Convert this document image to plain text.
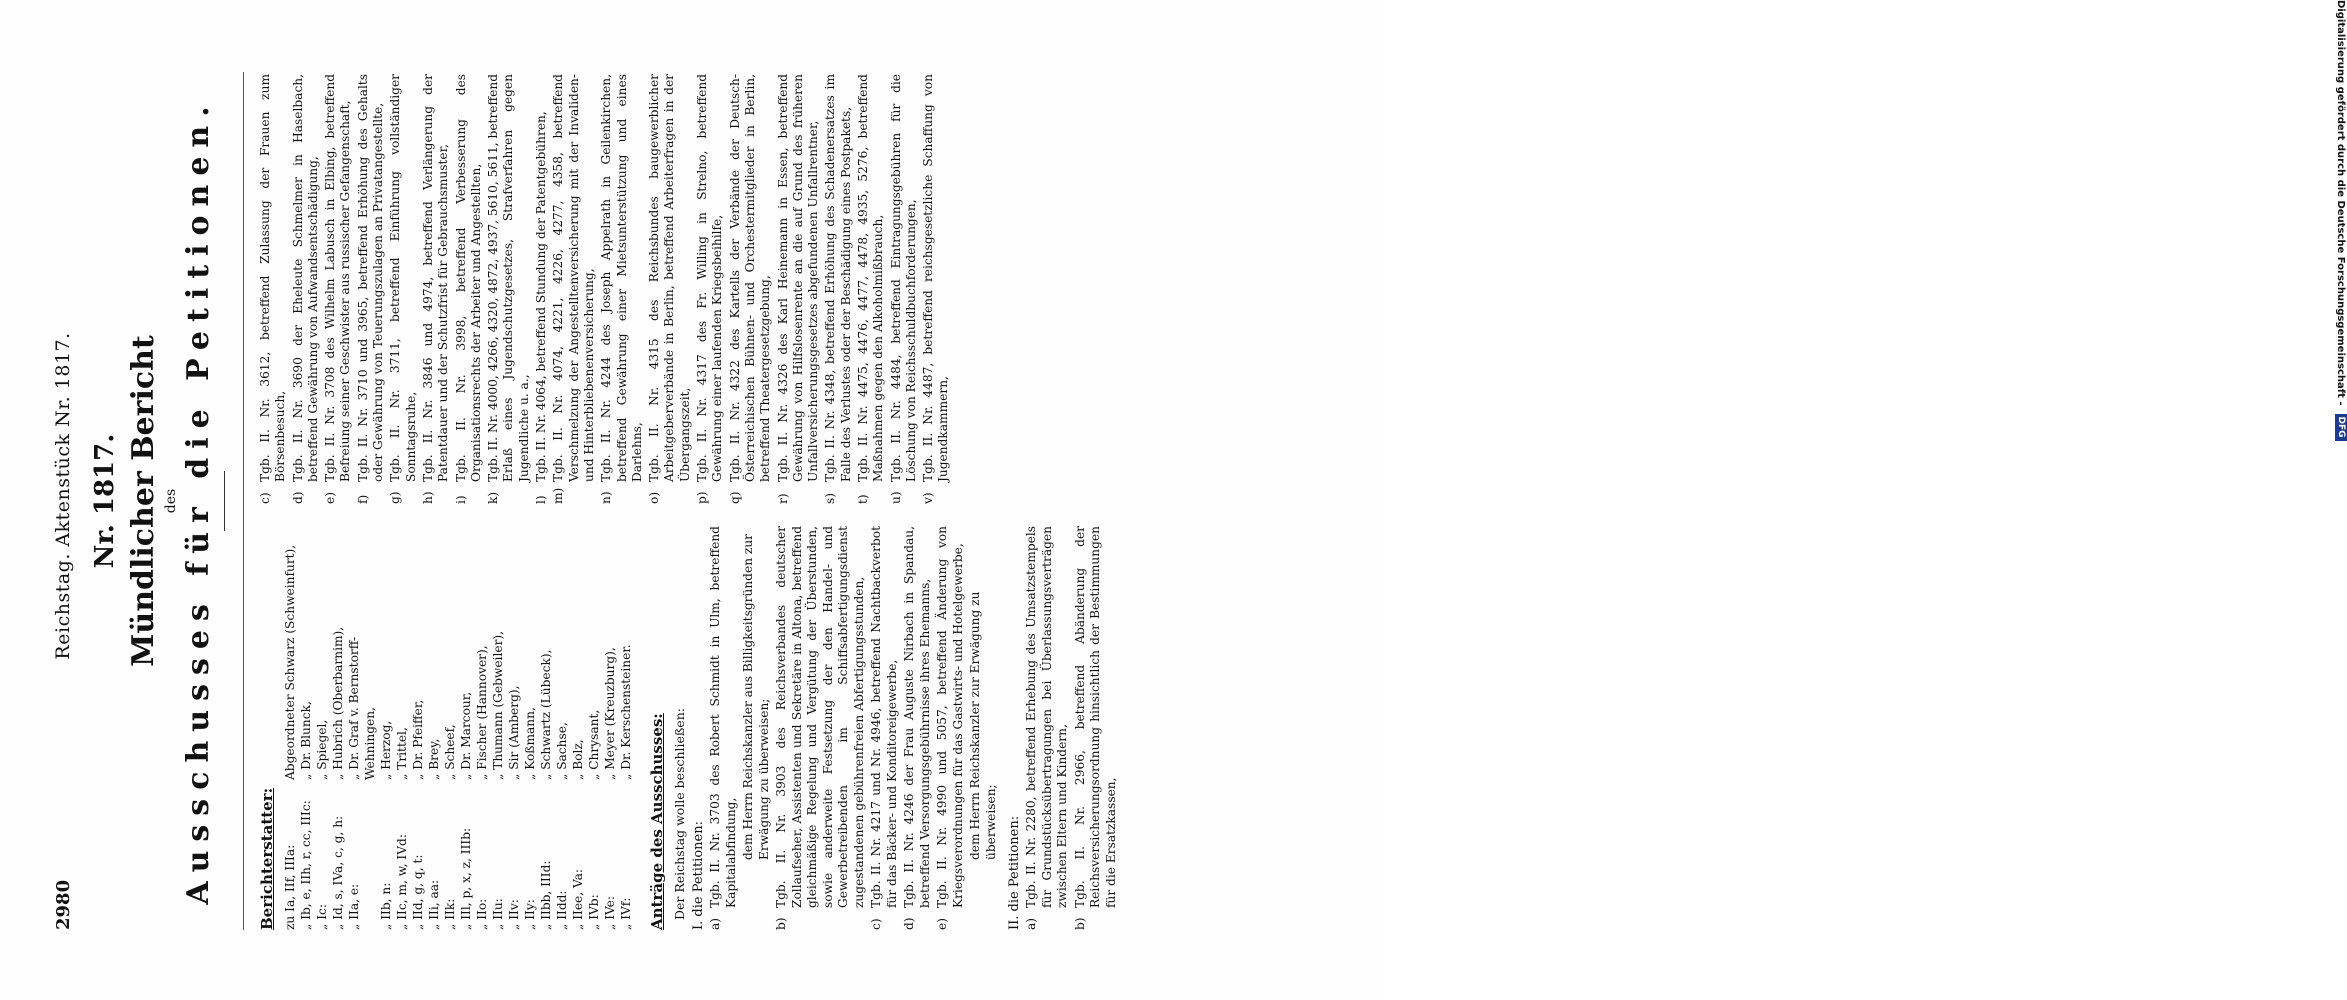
2980
Reichstag. Aktenstück Nr. 1817. Nr. 1817. Mündlicher Bericht des Ausschusses für die Petitionen.	Berichterstatter: zu Ia, IIf, IIIa:
Abgeordneter Schwarz (Schweinfurt),
„ Ib, e, IIh, r, cc, IIIc:
„ Dr. Blunck,
„ Ic:
„ Spiegel,
„ Id, s, IVa, c, g, h:
„ Hubrich (Oberbarnim),
„ IIa, e:
„ Dr. Graf v. Bernstorff- Wehningen,
„ IIb, n:
„ Herzog,
„ IIc, m, w, IVd:
„ Trittel,
„ IId, g, q, t:
„ Dr. Pfeiffer,
„ IIi, aa:
„ Brey,
„ IIk:
„ Scheef,
„ IIl, p, x, z, IIIb:
„ Dr. Marcour,
„ IIo:
„ Fischer (Hannover),
„ IIu:
„ Thumann (Gebweiler),
„ IIv:
„ Sir (Amberg),
„ IIy:
„ Koßmann,
„ IIbb, IIId:
„ Schwartz (Lübeck),
„ IIdd:
„ Sachse,
„ IIee, Va:
„ Bolz,
„ IVb:
„ Chrysant,
„ IVe:
„ Meyer (Kreuzburg),
„ IVf:
„ Dr. Kerschensteiner.
Anträge des Ausschusses: Der Reichstag wolle beschließen: I. die Petitionen: a)
Tgb. II. Nr. 3703 des Robert Schmidt in Ulm, betreffend Kapitalabfindung, dem Herrn Reichskanzler aus Billigkeitsgründen zur Erwägung zu überweisen;
b)
Tgb. II. Nr. 3903 des Reichsverbandes deutscher Zollaufseher, Assistenten und Sekretäre in Altona, betreffend gleichmäßige Regelung und Vergütung der Überstunden, sowie anderweite Festsetzung der den Handel- und Gewerbetreibenden im Schiffsabfertigungsdienst zugestandenen gebührenfreien Abfertigungsstunden,
c)
Tgb. II. Nr. 4217 und Nr. 4946, betreffend Nachtbackverbot für das Bäcker- und Konditoreigewerbe,
d)
Tgb. II. Nr. 4246 der Frau Auguste Nirbach in Spandau, betreffend Versorgungsgebührnisse ihres Ehemanns,
e)
Tgb. II. Nr. 4990 und 5057, betreffend Änderung von Kriegsverordnungen für das Gastwirts- und Hotelgewerbe, dem Herrn Reichskanzler zur Erwägung zu überweisen; II. die Petitionen: a)
Tgb. II. Nr. 2280, betreffend Erhebung des Umsatzstempels für Grundstücksübertragungen bei Überlassungsverträgen zwischen Eltern und Kindern,
b)
Tgb. II. Nr. 2966, betreffend Abänderung der Reichsversicherungsordnung hinsichtlich der Bestimmungen für die Ersatzkassen,
c)
Tgb. II. Nr. 3612, betreffend Zulassung der Frauen zum Börsenbesuch,
d)
Tgb. II. Nr. 3690 der Eheleute Schmelmer in Haselbach, betreffend Gewährung von Aufwandsentschädigung,
e)
Tgb. II. Nr. 3708 des Wilhelm Labusch in Elbing, betreffend Befreiung seiner Geschwister aus russischer Gefangenschaft,
f)
Tgb. II. Nr. 3710 und 3965, betreffend Erhöhung des Gehalts oder Gewährung von Teuerungszulagen an Privatangestellte,
g)
Tgb. II. Nr. 3711, betreffend Einführung vollständiger Sonntagsruhe,
h)
Tgb. II. Nr. 3846 und 4974, betreffend Verlängerung der Patentdauer und der Schutzfrist für Gebrauchsmuster,
i)
Tgb. II. Nr. 3998, betreffend Verbesserung des Organisationsrechts der Arbeiter und Angestellten,
k)
Tgb. II. Nr. 4000, 4266, 4320, 4872, 4937, 5610, 5611, betreffend Erlaß eines Jugendschutzgesetzes, Strafverfahren gegen Jugendliche u. a.,
l)
Tgb. II. Nr. 4064, betreffend Stundung der Patentgebühren,
m)
Tgb. II. Nr. 4074, 4221, 4226, 4277, 4358, betreffend Verschmelzung der Angestelltenversicherung mit der Invaliden- und Hinterbliebenenversicherung,
n)
Tgb. II. Nr. 4244 des Joseph Appelrath in Geilenkirchen, betreffend Gewährung einer Mietsunterstützung und eines Darlehns,
o)
Tgb. II. Nr. 4315 des Reichsbundes baugewerblicher Arbeitgeberverbände in Berlin, betreffend Arbeiterfragen in der Übergangszeit,
p)
Tgb. II. Nr. 4317 des Fr. Willing in Strelno, betreffend Gewährung einer laufenden Kriegsbeihilfe,
q)
Tgb. II. Nr. 4322 des Kartells der Verbände der Deutsch-Österreichischen Bühnen- und Orchestermitglieder in Berlin, betreffend Theatergesetzgebung,
r)
Tgb. II. Nr. 4326 des Karl Heinemann in Essen, betreffend Gewährung von Hilfslosenrente an die auf Grund des früheren Unfallversicherungsgesetzes abgefundenen Unfallrentner,
s)
Tgb. II. Nr. 4348, betreffend Erhöhung des Schadenersatzes im Falle des Verlustes oder der Beschädigung eines Postpakets,
t)
Tgb. II. Nr. 4475, 4476, 4477, 4478, 4935, 5276, betreffend Maßnahmen gegen den Alkoholmißbrauch,
u)
Tgb. II. Nr. 4484, betreffend Eintragungsgebühren für die Löschung von Reichsschuldbuchforderungen,
v)
Tgb. II. Nr. 4487, betreffend reichsgesetzliche Schaffung von Jugendkammern,
Digitalisierung gefördert durch die Deutsche Forschungsgemeinschaft -
DFG
